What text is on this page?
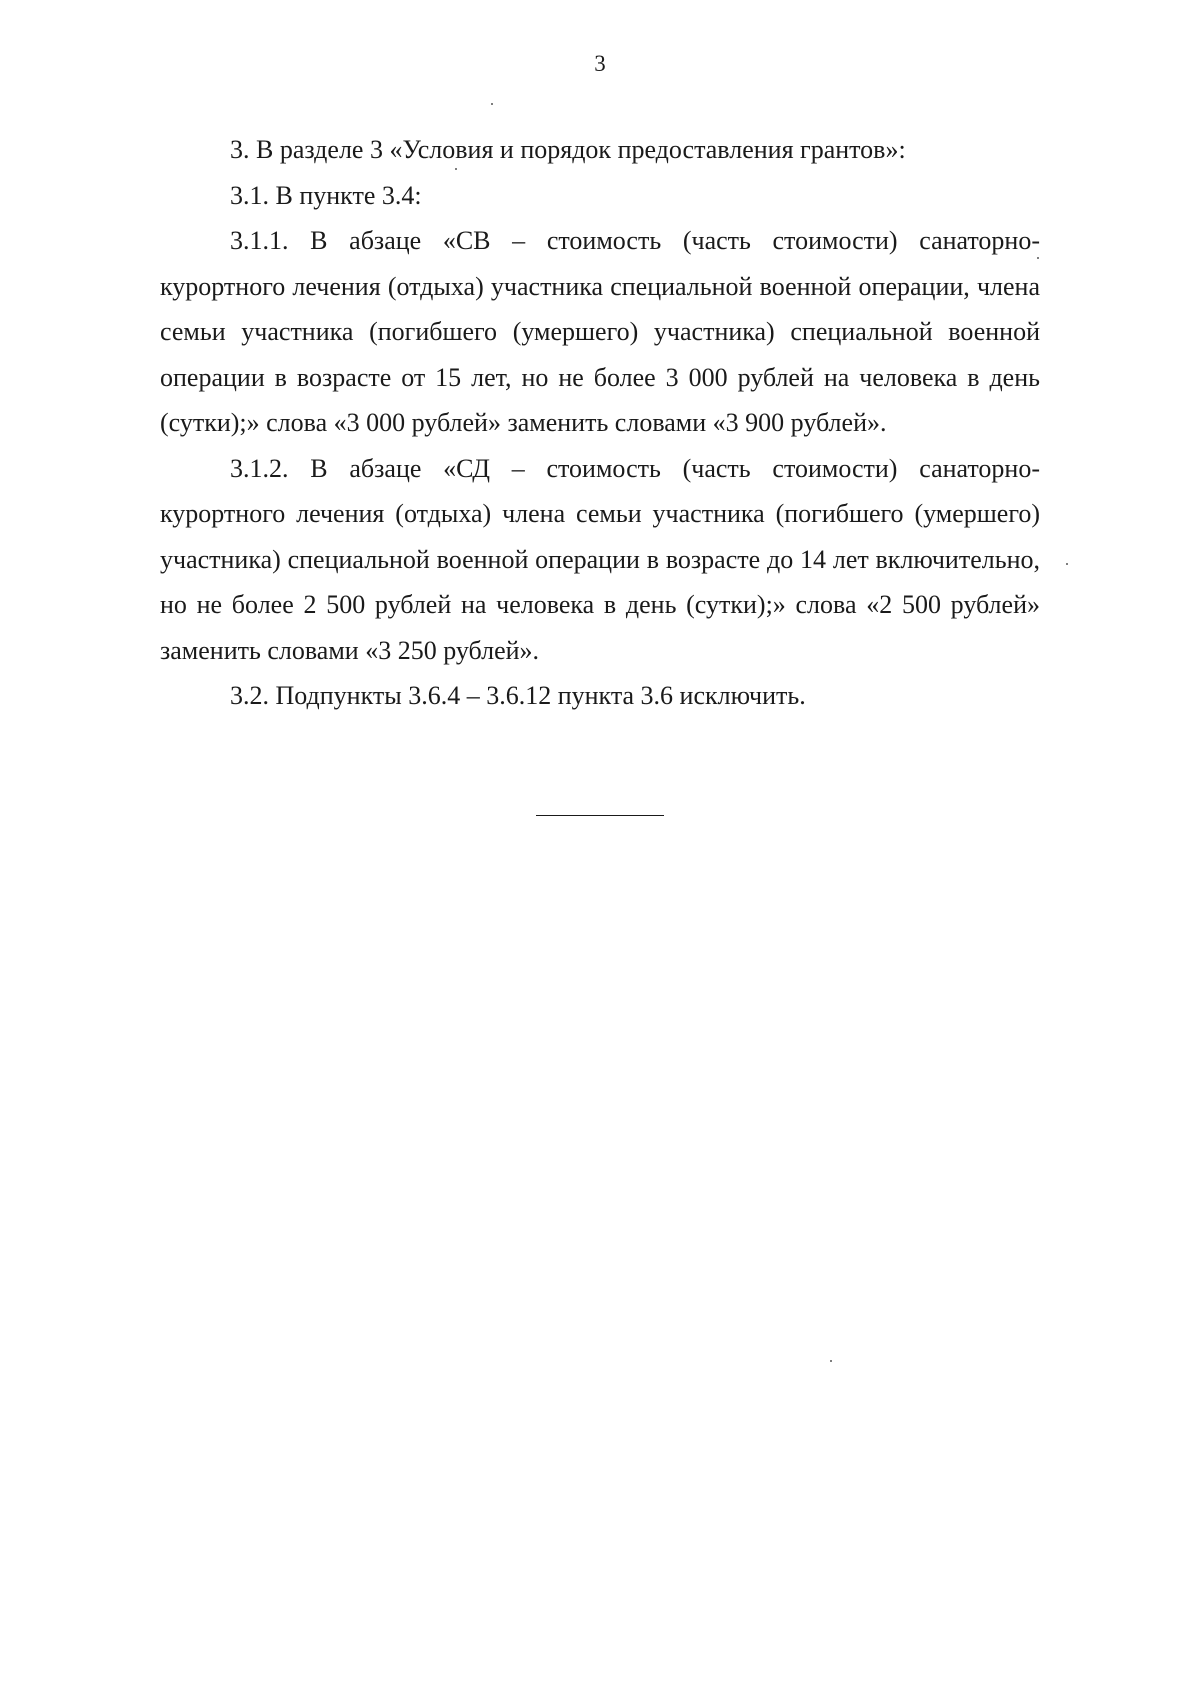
3

3. В разделе 3 «Условия и порядок предоставления грантов»:

3.1. В пункте 3.4:

3.1.1. В абзаце «СВ – стоимость (часть стоимости) санаторно-курортного лечения (отдыха) участника специальной военной операции, члена семьи участника (погибшего (умершего) участника) специальной военной операции в возрасте от 15 лет, но не более 3 000 рублей на человека в день (сутки);» слова «3 000 рублей» заменить словами «3 900 рублей».

3.1.2. В абзаце «СД – стоимость (часть стоимости) санаторно-курортного лечения (отдыха) члена семьи участника (погибшего (умершего) участника) специальной военной операции в возрасте до 14 лет включительно, но не более 2 500 рублей на человека в день (сутки);» слова «2 500 рублей» заменить словами «3 250 рублей».

3.2. Подпункты 3.6.4 – 3.6.12 пункта 3.6 исключить.
